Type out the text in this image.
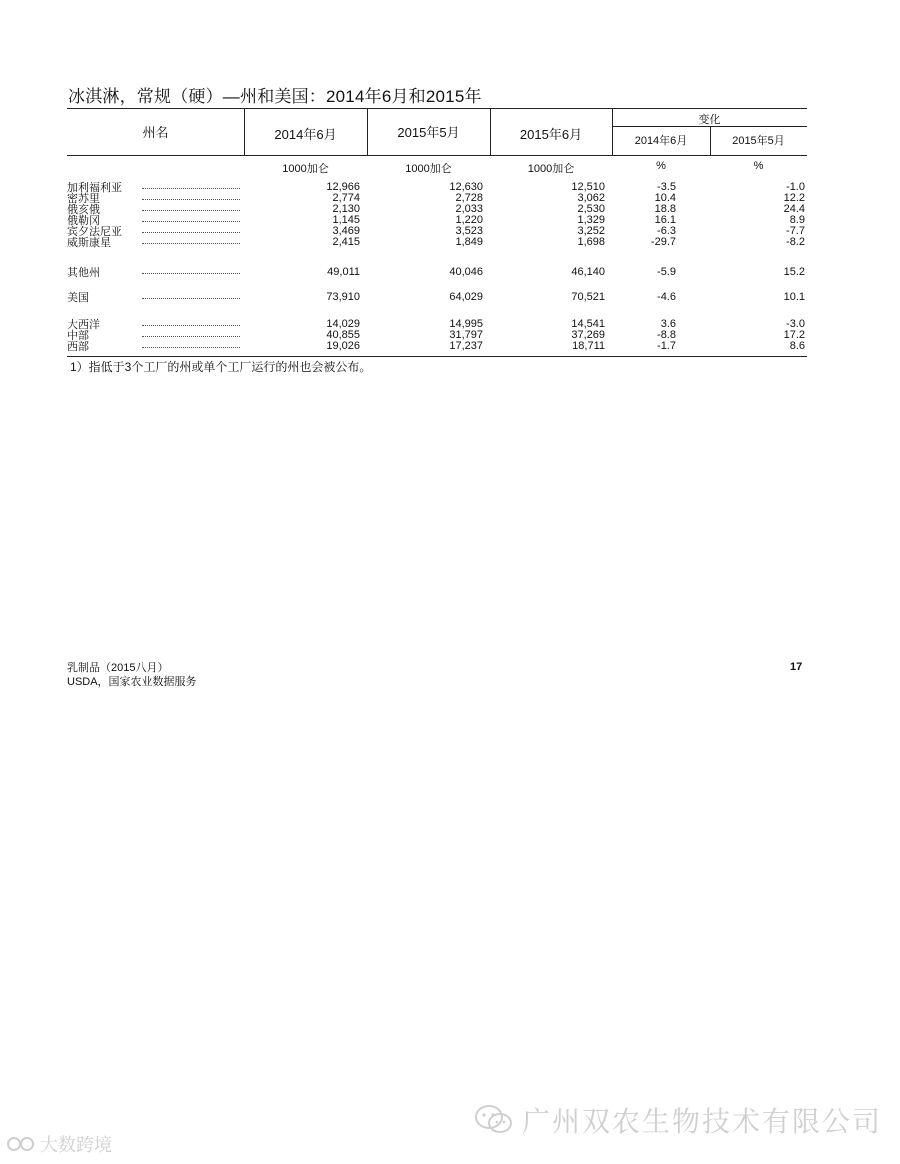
冰淇淋，常规（硬）—州和美国：2014年6月和2015年
州名	2014年6月	2015年5月	2015年6月
变化
2014年6月	2015年5月
1000加仑	1000加仑	1000加仑	%	%
加利福利亚	12,966	12,630	12,510	-3.5	-1.0
密苏里	2,774	2,728	3,062	10.4	12.2
俄亥俄	2,130	2,033	2,530	18.8	24.4
俄勒冈	1,145	1,220	1,329	16.1	8.9
宾夕法尼亚	3,469	3,523	3,252	-6.3	-7.7
威斯康星	2,415	1,849	1,698	-29.7	-8.2
其他州	49,011	40,046	46,140	-5.9	15.2
美国	73,910	64,029	70,521	-4.6	10.1
大西洋	14,029	14,995	14,541	3.6	-3.0
中部	40,855	31,797	37,269	-8.8	17.2
西部	19,026	17,237	18,711	-1.7	8.6
1）指低于3个工厂的州或单个工厂运行的州也会被公布。
乳制品（2015八月）
USDA，国家农业数据服务
17
广州双农生物技术有限公司
大数跨境
